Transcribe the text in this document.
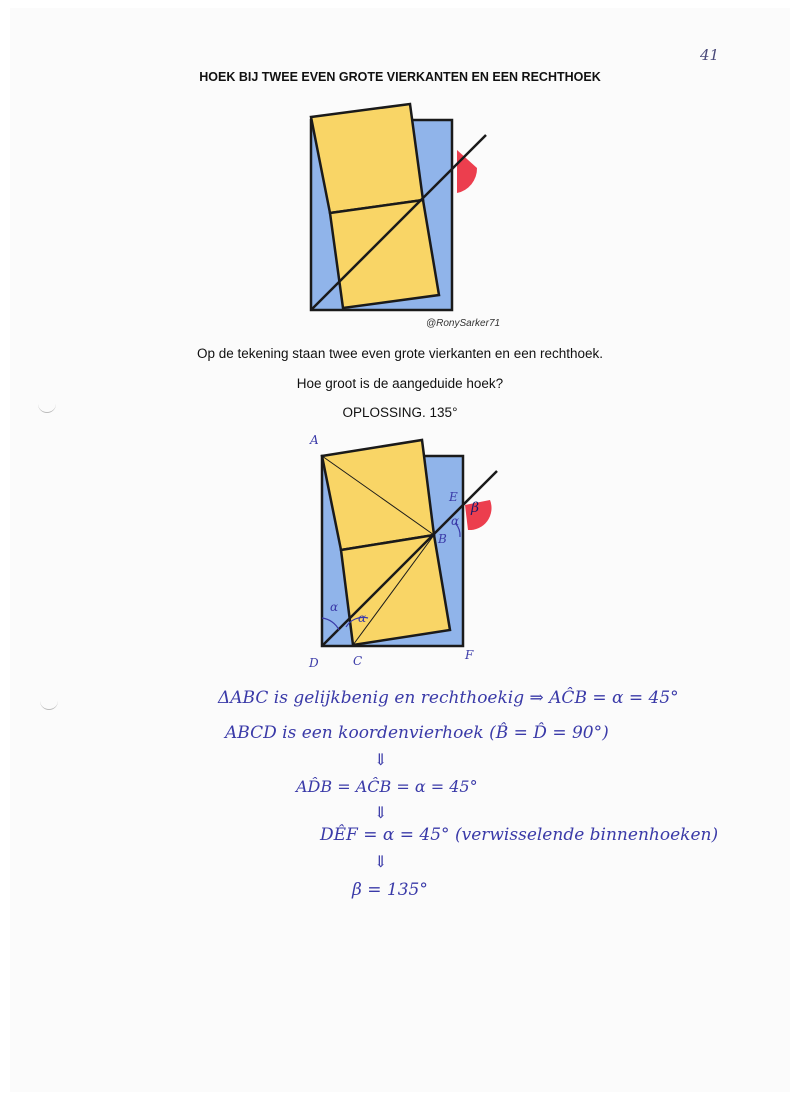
41
HOEK BIJ TWEE EVEN GROTE VIERKANTEN EN EEN RECHTHOEK
@RonySarker71
Op de tekening staan twee even grote vierkanten en een rechthoek.
Hoe groot is de aangeduide hoek?
OPLOSSING. 135°
A
B
C
D
E
F
α
α
α
β
ΔABC is gelijkbenig en rechthoekig ⇒ AĈB = α = 45°
ABCD is een koordenvierhoek (B̂ = D̂ = 90°)
⇓
AD̂B = AĈB = α = 45°
⇓
DÊF = α = 45° (verwisselende binnenhoeken)
⇓
β = 135°
